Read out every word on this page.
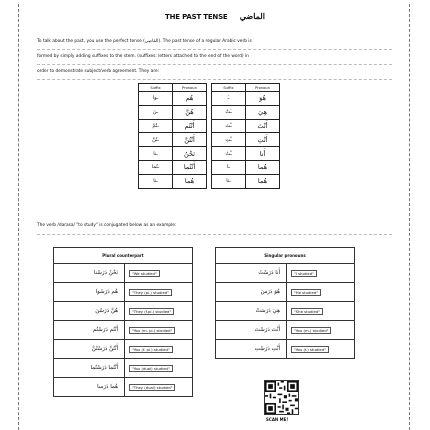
THE PAST TENSE الماضي
To talk about the past, you use the perfect tense (المَاضِي). The past tense of a regular Arabic verb is
formed by simply adding suffixes to the stem. (suffixes: letters attached to the end of the word) in
order to demonstrate subject/verb agreement. They are:
Suffix	Pronoun		Suffix	Pronoun
ـوا	هُم		ـَ	هُوَ
ـنَ	هُنَّ		ـَتْ	هِيَ
ـتُمْ	أَنْتُم		ـْتَ	أَنْتَ
ـتُنَّ	أَنْتُنَّ		ـْتِ	أَنْتِ
ـنا	نَحْنُ		ـْتُ	أَنا
ـتُما	أَنْتُما		ـا	هُما
ـتا	هُما		ـتا	هُما
The verb /darasa/ "to study" is conjugated below as an example:
Plural counterpart			Singular pronouns	
نَحْنُ دَرَسْنا	"We studied"		أَنا دَرَسْتُ	"I studied"
هُم دَرَسُوا	"They (pl.) studied"		هُوَ دَرَسَ	"He studied"
هُنَّ دَرَسْنَ	"They (f.pl.) studied"		هِيَ دَرَسَتْ	"She studied"
أَنْتُم دَرَسْتُم	"You (m. pl.) studied"		أَنْتَ دَرَسْتَ	"You (m.) studied"
أَنْتُنَّ دَرَسْتُنَّ	"You (f. pl.) studied"		أَنْتِ دَرَسْتِ	"You (f.) studied"
أَنْتُما دَرَسْتُما	"You (dual) studied"			
هُما دَرَسا	"They (dual) studied"			
SCAN ME!
